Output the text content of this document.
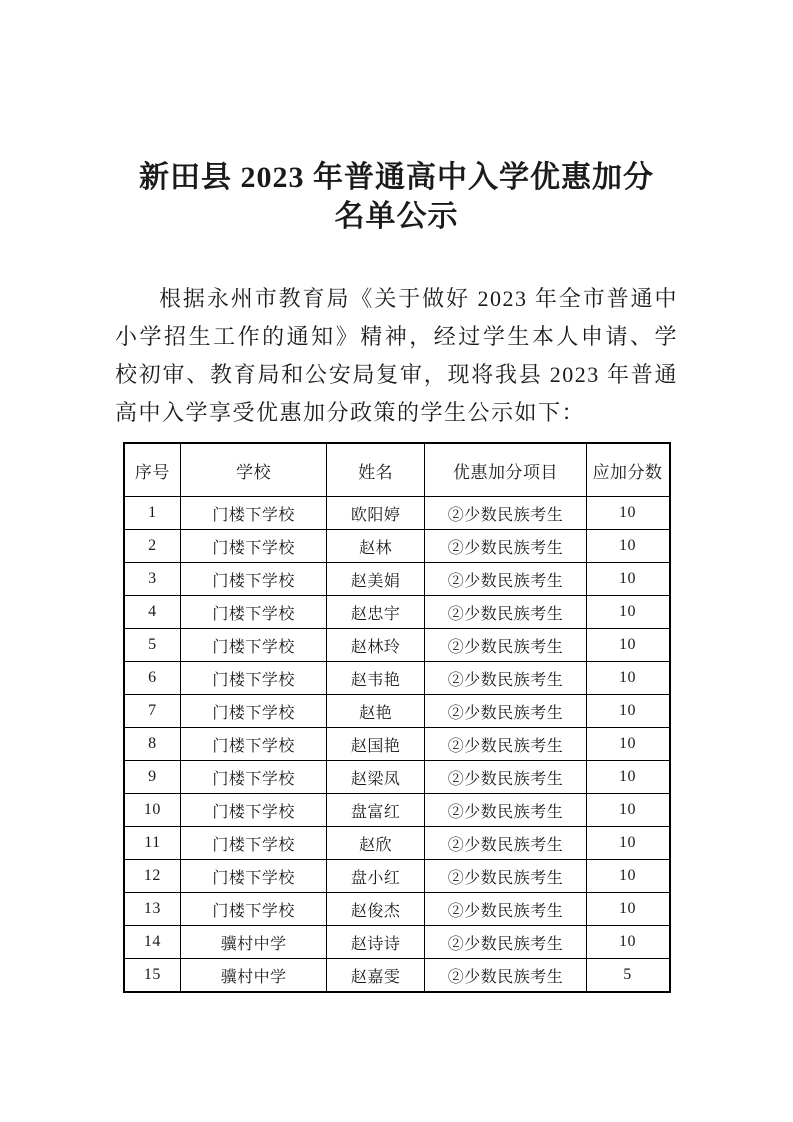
新田县 2023 年普通高中入学优惠加分
名单公示

根据永州市教育局《关于做好 2023 年全市普通中小学招生工作的通知》精神，经过学生本人申请、学校初审、教育局和公安局复审，现将我县 2023 年普通高中入学享受优惠加分政策的学生公示如下：

序号	学校	姓名	优惠加分项目	应加分数
1	门楼下学校	欧阳婷	②少数民族考生	10
2	门楼下学校	赵林	②少数民族考生	10
3	门楼下学校	赵美娟	②少数民族考生	10
4	门楼下学校	赵忠宇	②少数民族考生	10
5	门楼下学校	赵林玲	②少数民族考生	10
6	门楼下学校	赵韦艳	②少数民族考生	10
7	门楼下学校	赵艳	②少数民族考生	10
8	门楼下学校	赵国艳	②少数民族考生	10
9	门楼下学校	赵梁凤	②少数民族考生	10
10	门楼下学校	盘富红	②少数民族考生	10
11	门楼下学校	赵欣	②少数民族考生	10
12	门楼下学校	盘小红	②少数民族考生	10
13	门楼下学校	赵俊杰	②少数民族考生	10
14	骥村中学	赵诗诗	②少数民族考生	10
15	骥村中学	赵嘉雯	②少数民族考生	5
